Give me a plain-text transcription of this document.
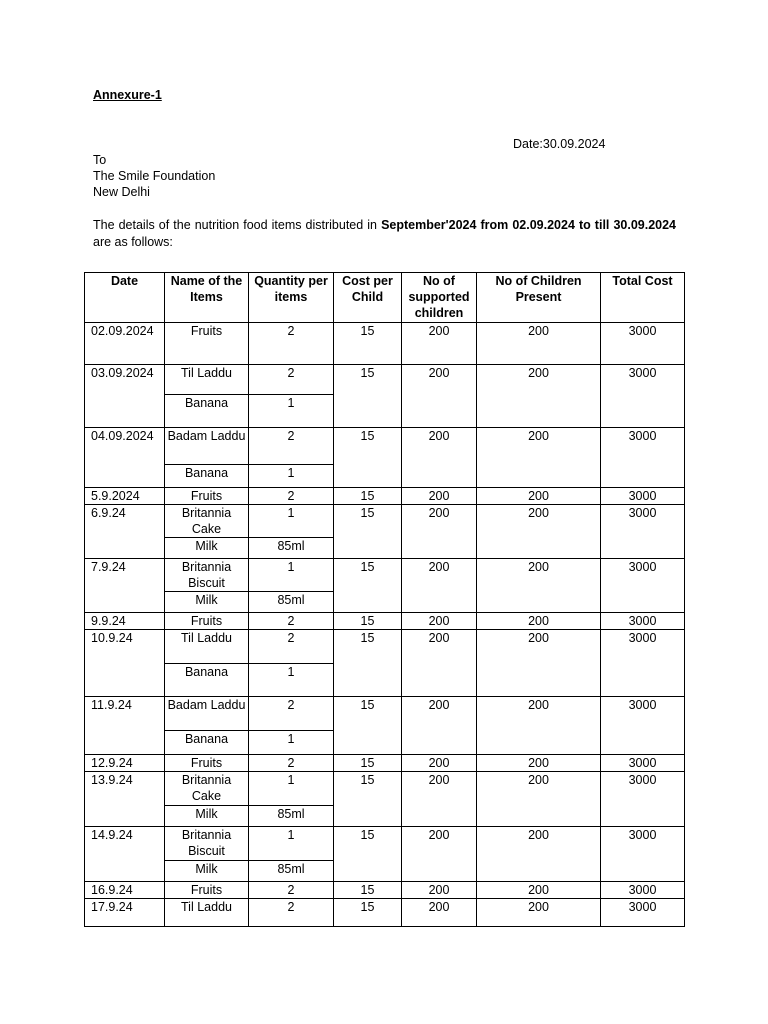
Annexure-1
Date:30.09.2024
To
The Smile Foundation
New Delhi
The details of the nutrition food items distributed in September'2024 from 02.09.2024 to till 30.09.2024 are as follows:
Date	Name of the Items	Quantity per items	Cost per Child	No of supported children	No of Children Present	Total Cost
02.09.2024	Fruits	2	15	200	200	3000
03.09.2024	Til Laddu	2	15	200	200	3000
	Banana	1				
04.09.2024	Badam Laddu	2	15	200	200	3000
	Banana	1				
5.9.2024	Fruits	2	15	200	200	3000
6.9.24	Britannia Cake	1	15	200	200	3000
	Milk	85ml				
7.9.24	Britannia Biscuit	1	15	200	200	3000
	Milk	85ml				
9.9.24	Fruits	2	15	200	200	3000
10.9.24	Til Laddu	2	15	200	200	3000
	Banana	1				
11.9.24	Badam Laddu	2	15	200	200	3000
	Banana	1				
12.9.24	Fruits	2	15	200	200	3000
13.9.24	Britannia Cake	1	15	200	200	3000
	Milk	85ml				
14.9.24	Britannia Biscuit	1	15	200	200	3000
	Milk	85ml				
16.9.24	Fruits	2	15	200	200	3000
17.9.24	Til Laddu	2	15	200	200	3000
